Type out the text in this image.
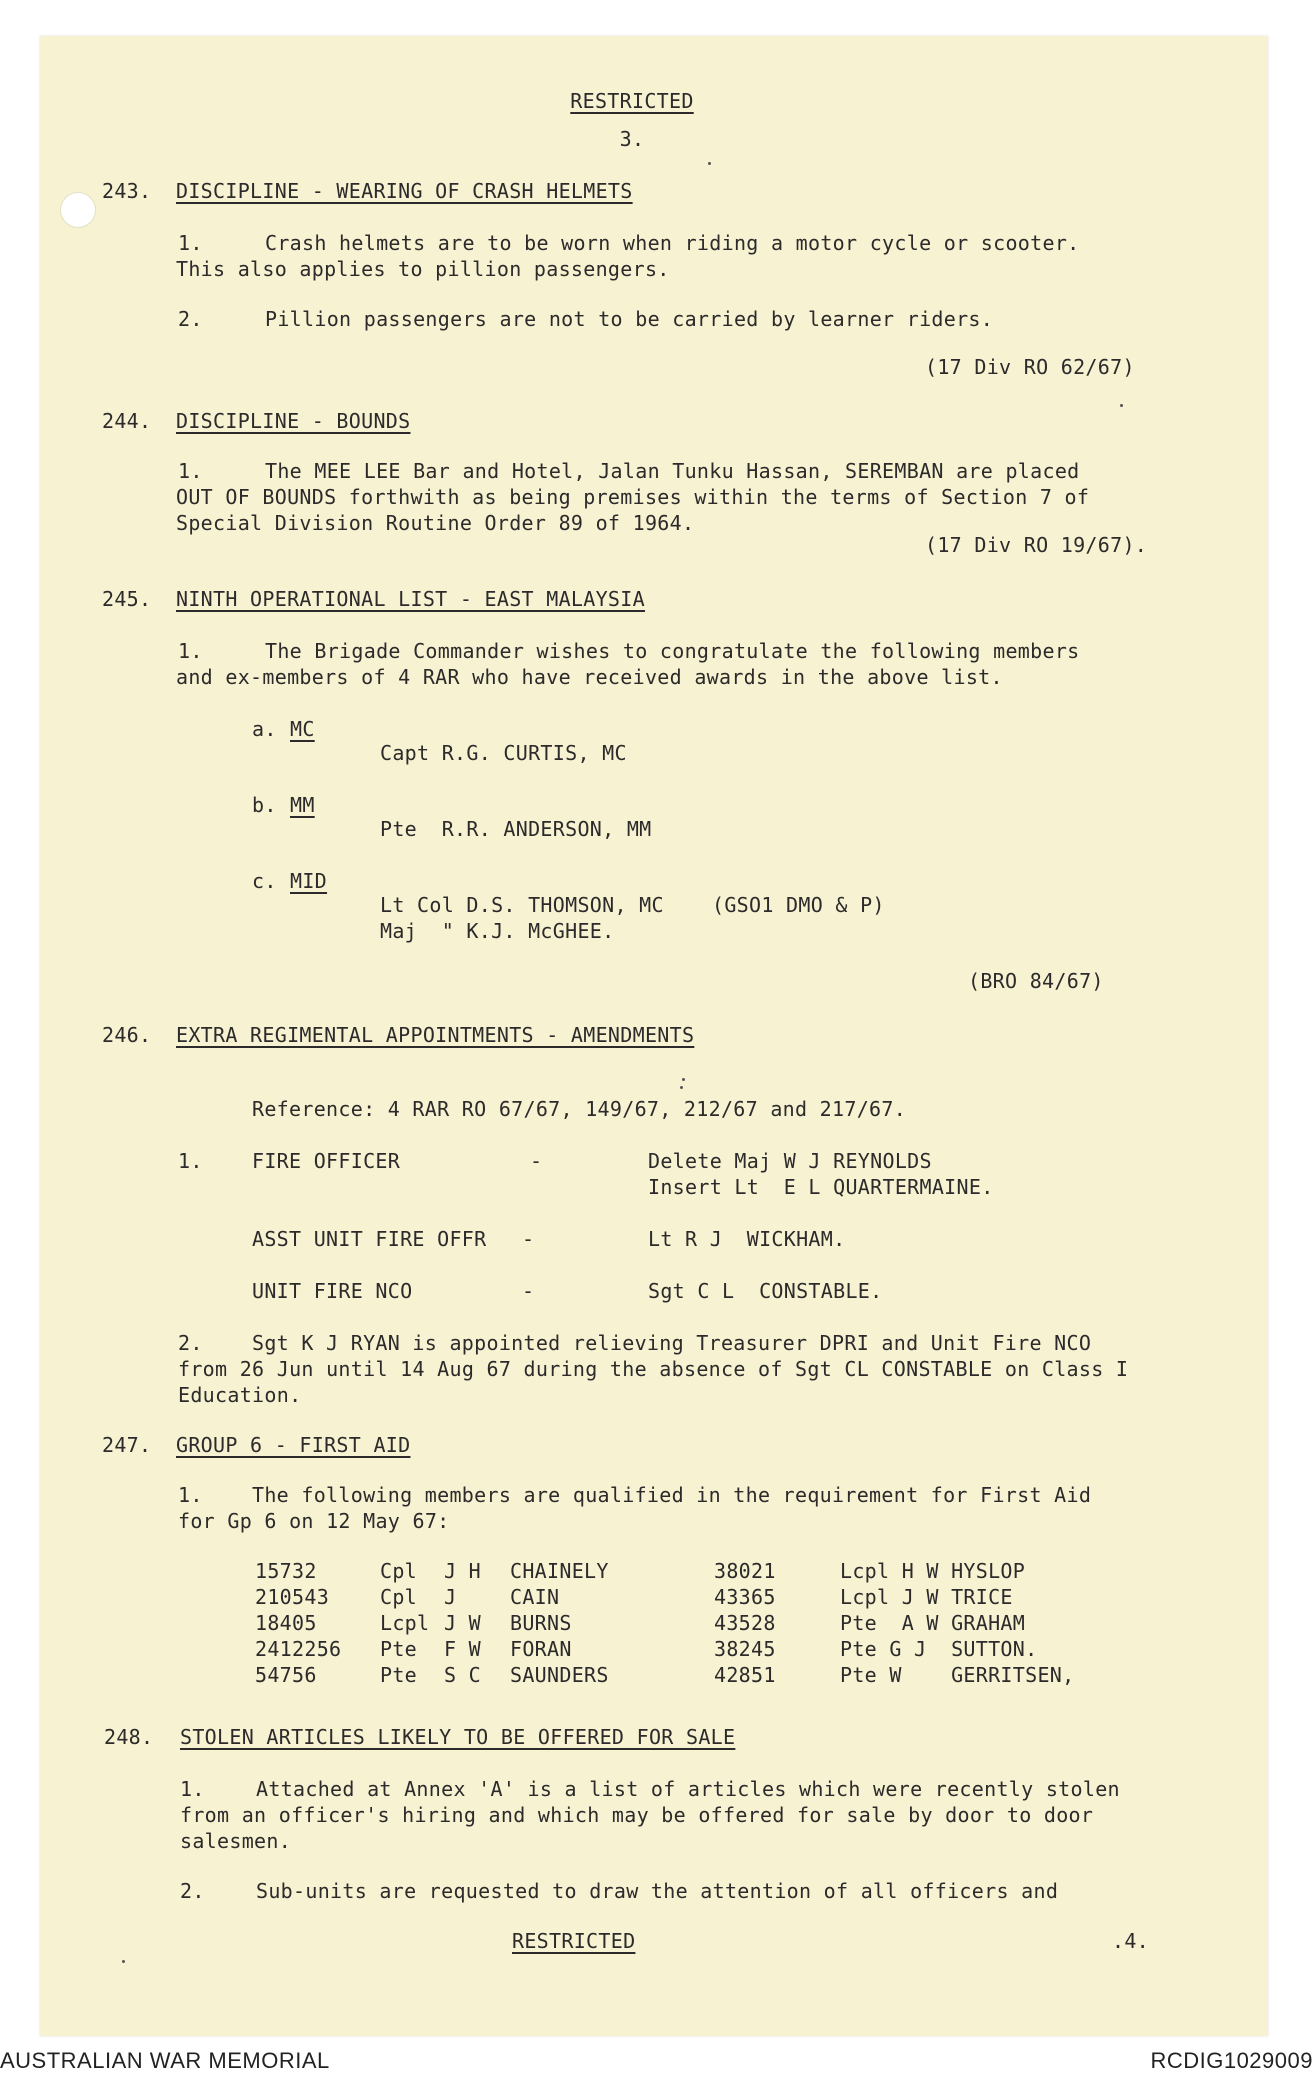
RESTRICTED
3.
243. DISCIPLINE - WEARING OF CRASH HELMETS
1.	Crash helmets are to be worn when riding a motor cycle or scooter.
This also applies to pillion passengers.
2.	Pillion passengers are not to be carried by learner riders.
(17 Div RO 62/67)
244. DISCIPLINE - BOUNDS
1.	The MEE LEE Bar and Hotel, Jalan Tunku Hassan, SEREMBAN are placed
OUT OF BOUNDS forthwith as being premises within the terms of Section 7 of
Special Division Routine Order 89 of 1964.
(17 Div RO 19/67).
245. NINTH OPERATIONAL LIST - EAST MALAYSIA
1.	The Brigade Commander wishes to congratulate the following members
and ex-members of 4 RAR who have received awards in the above list.
a. MC
Capt R.G. CURTIS, MC
b. MM
Pte  R.R. ANDERSON, MM
c. MID
Lt Col D.S. THOMSON, MC (GSO1 DMO & P)
Maj  " K.J. McGHEE.
(BRO 84/67)
246. EXTRA REGIMENTAL APPOINTMENTS - AMENDMENTS
Reference: 4 RAR RO 67/67, 149/67, 212/67 and 217/67.
1. FIRE OFFICER	-	Delete Maj W J REYNOLDS
Insert Lt  E L QUARTERMAINE.
ASST UNIT FIRE OFFR -	Lt R J  WICKHAM.
UNIT FIRE NCO	-	Sgt C L  CONSTABLE.
2. Sgt K J RYAN is appointed relieving Treasurer DPRI and Unit Fire NCO
from 26 Jun until 14 Aug 67 during the absence of Sgt CL CONSTABLE on Class I
Education.
247. GROUP 6 - FIRST AID
1. The following members are qualified in the requirement for First Aid
for Gp 6 on 12 May 67:
15732	Cpl J H CHAINELY	38021	Lcpl H W HYSLOP
210543	Cpl J	CAIN	43365	Lcpl J W TRICE
18405	Lcpl J W BURNS	43528	Pte  A W GRAHAM
2412256 Pte F W FORAN	38245	Pte G J  SUTTON.
54756	Pte S C SAUNDERS	42851	Pte W    GERRITSEN,
248. STOLEN ARTICLES LIKELY TO BE OFFERED FOR SALE
1.	Attached at Annex 'A' is a list of articles which were recently stolen
from an officer's hiring and which may be offered for sale by door to door
salesmen.
2.	Sub-units are requested to draw the attention of all officers and
RESTRICTED	.4.
AUSTRALIAN WAR MEMORIAL	RCDIG1029009
